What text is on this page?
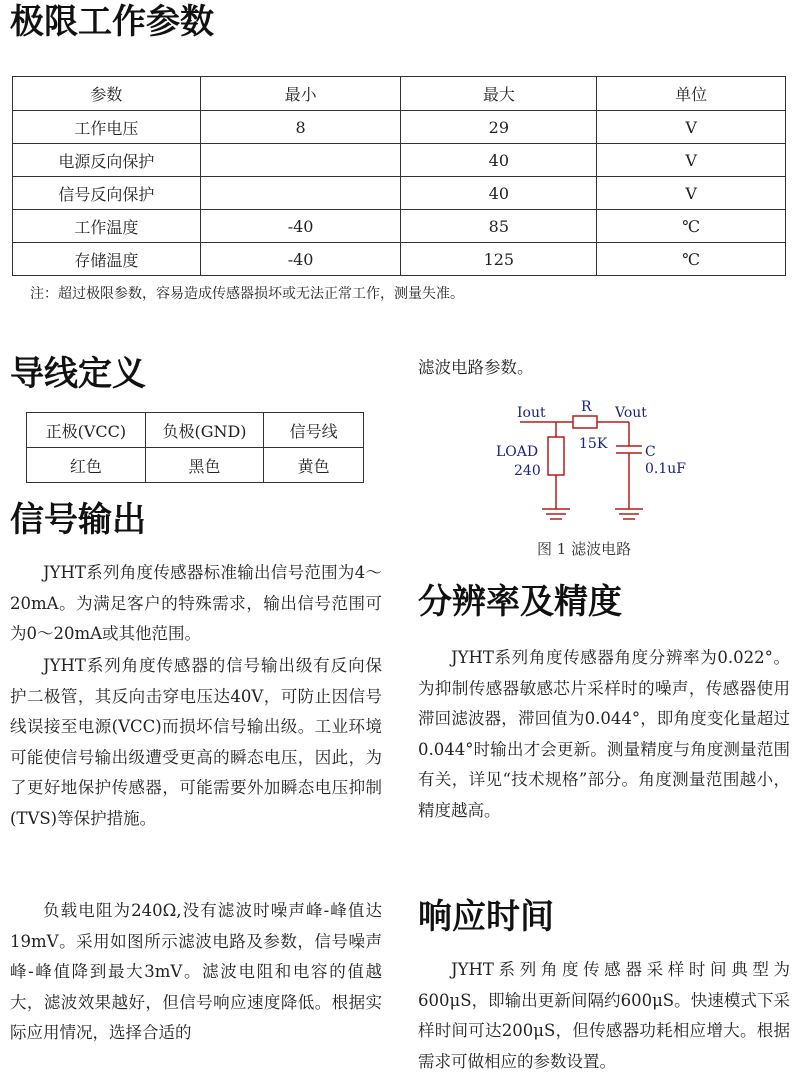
极限工作参数
参数	最小	最大	单位
工作电压	8	29	V
电源反向保护		40	V
信号反向保护		40	V
工作温度	-40	85	℃
存储温度	-40	125	℃
注：超过极限参数，容易造成传感器损坏或无法正常工作，测量失准。
导线定义
正极(VCC)	负极(GND)	信号线
红色	黑色	黄色
信号输出

JYHT系列角度传感器标准输出信号范围为4～20mA。为满足客户的特殊需求，输出信号范围可为0～20mA或其他范围。

JYHT系列角度传感器的信号输出级有反向保护二极管，其反向击穿电压达40V，可防止因信号线误接至电源(VCC)而损坏信号输出级。工业环境可能使信号输出级遭受更高的瞬态电压，因此，为了更好地保护传感器，可能需要外加瞬态电压抑制(TVS)等保护措施。

负载电阻为240Ω,没有滤波时噪声峰-峰值达19mV。采用如图所示滤波电路及参数，信号噪声峰-峰值降到最大3mV。滤波电阻和电容的值越大，滤波效果越好，但信号响应速度降低。根据实际应用情况，选择合适的

滤波电路参数。
Iout	R Vout
15K
LOAD
240
C
0.1uF
图 1 滤波电路
分辨率及精度

JYHT系列角度传感器角度分辨率为0.022°。为抑制传感器敏感芯片采样时的噪声，传感器使用滞回滤波器，滞回值为0.044°，即角度变化量超过0.044°时输出才会更新。测量精度与角度测量范围有关，详见“技术规格”部分。角度测量范围越小，精度越高。

响应时间

JYHT系列角度传感器采样时间典型为600μS，即输出更新间隔约600μS。快速模式下采样时间可达200μS，但传感器功耗相应增大。根据需求可做相应的参数设置。
